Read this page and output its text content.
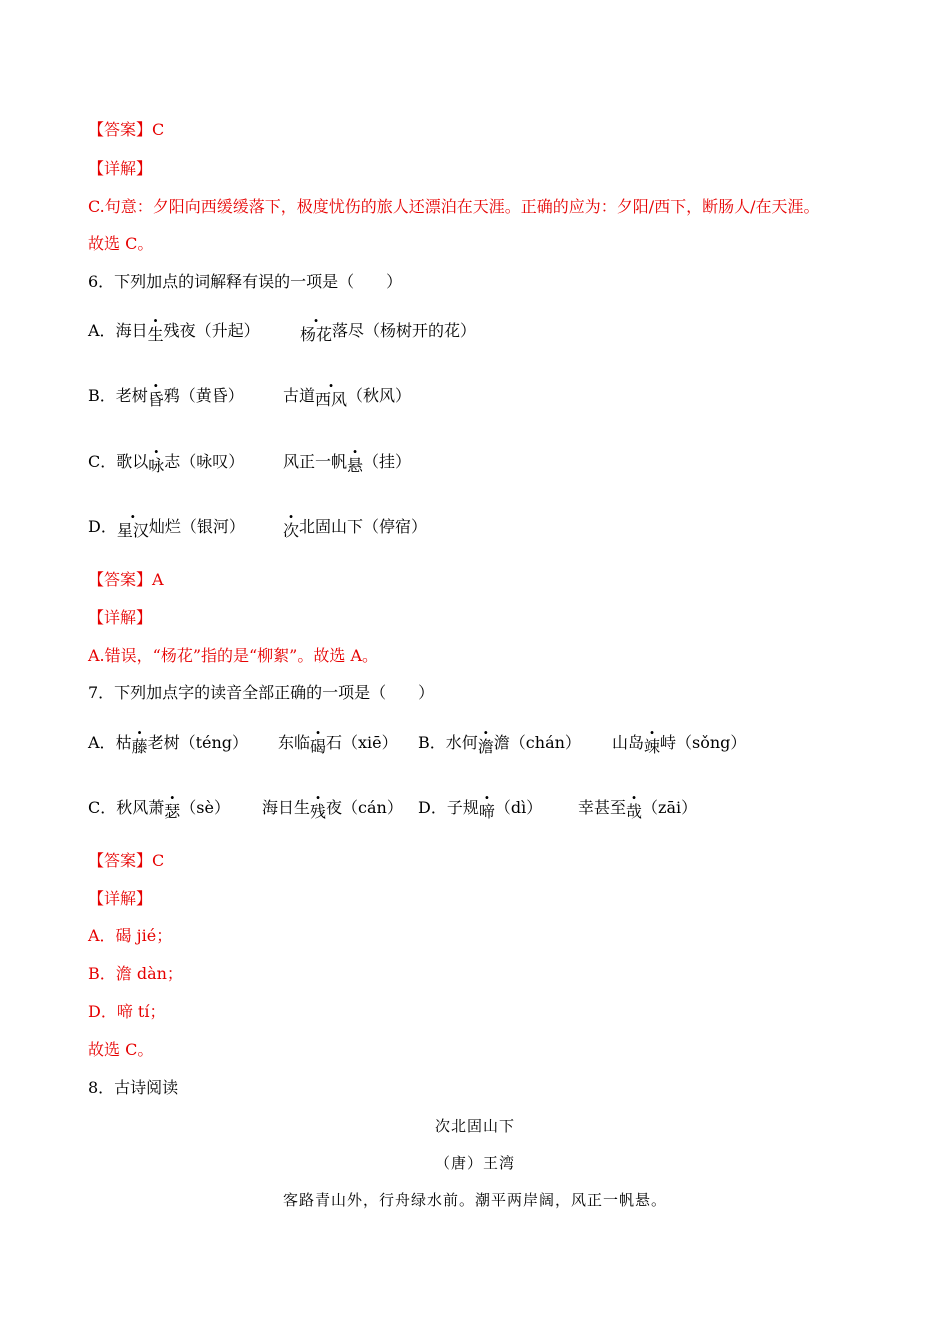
【答案】C
【详解】
C.句意：夕阳向西缓缓落下，极度忧伤的旅人还漂泊在天涯。正确的应为：夕阳/西下，断肠人/在天涯。
故选 C。
6．下列加点的词解释有误的一项是（　　）
A．海日生残夜（升起）	杨花落尽（杨树开的花）
B．老树昏鸦（黄昏） 古道西风（秋风）
C．歌以咏志（咏叹） 风正一帆悬（挂）
D．星汉灿烂（银河） 次北固山下（停宿）
【答案】A
【详解】
A.错误，“杨花”指的是“柳絮”。故选 A。
7．下列加点字的读音全部正确的一项是（　　）
A．枯藤老树（téng） 东临碣石（xiē） B．水何澹澹（chán） 山岛竦峙（sǒng）
C．秋风萧瑟（sè） 海日生残夜（cán） D．子规啼（dì） 幸甚至哉（zāi）
【答案】C
【详解】
A．碣 jié；
B．澹 dàn；
D．啼 tí；
故选 C。
8．古诗阅读
次北固山下
（唐）王湾
客路青山外，行舟绿水前。潮平两岸阔，风正一帆悬。
